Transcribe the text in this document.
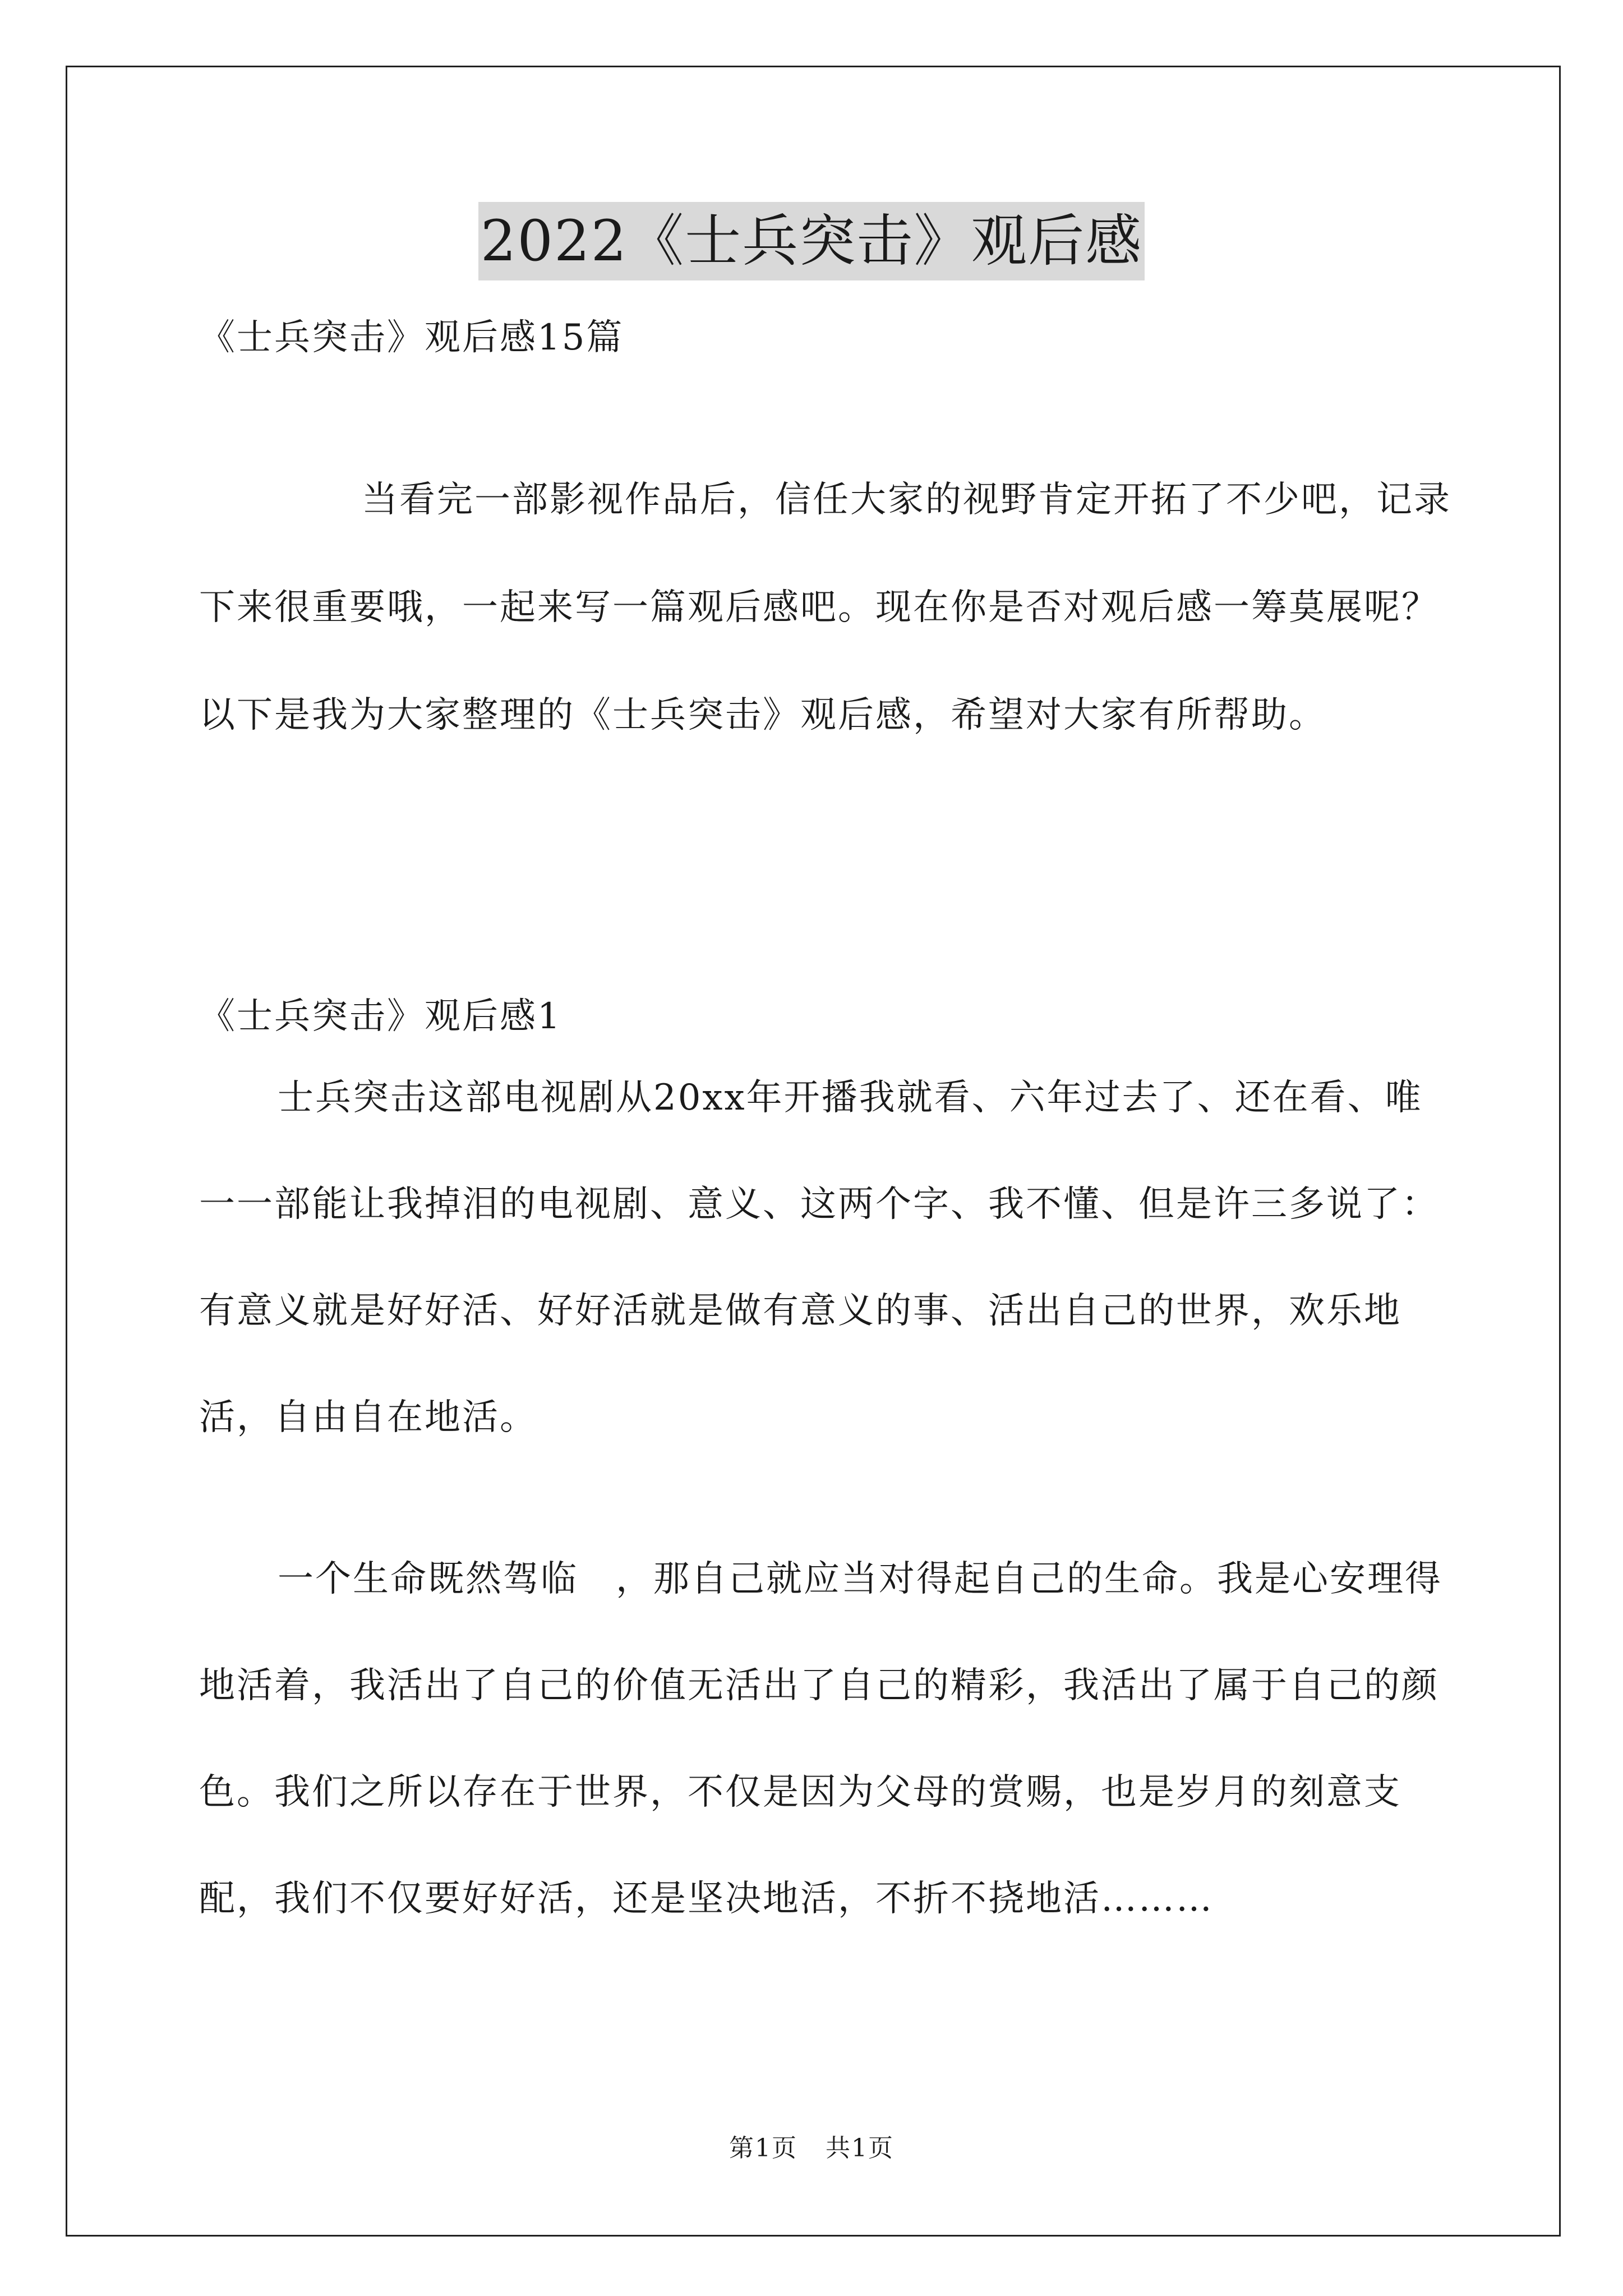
2022《士兵突击》观后感
《士兵突击》观后感15篇
当看完一部影视作品后，信任大家的视野肯定开拓了不少吧，记录下来很重要哦，一起来写一篇观后感吧。现在你是否对观后感一筹莫展呢？以下是我为大家整理的《士兵突击》观后感，希望对大家有所帮助。
《士兵突击》观后感1
士兵突击这部电视剧从20xx年开播我就看、六年过去了、还在看、唯一一部能让我掉泪的电视剧、意义、这两个字、我不懂、但是许三多说了：有意义就是好好活、好好活就是做有意义的事、活出自己的世界，欢乐地活，自由自在地活。
一个生命既然驾临　，那自己就应当对得起自己的生命。我是心安理得地活着，我活出了自己的价值无活出了自己的精彩，我活出了属于自己的颜色。我们之所以存在于世界，不仅是因为父母的赏赐，也是岁月的刻意支配，我们不仅要好好活，还是坚决地活，不折不挠地活………
第1页 共1页
